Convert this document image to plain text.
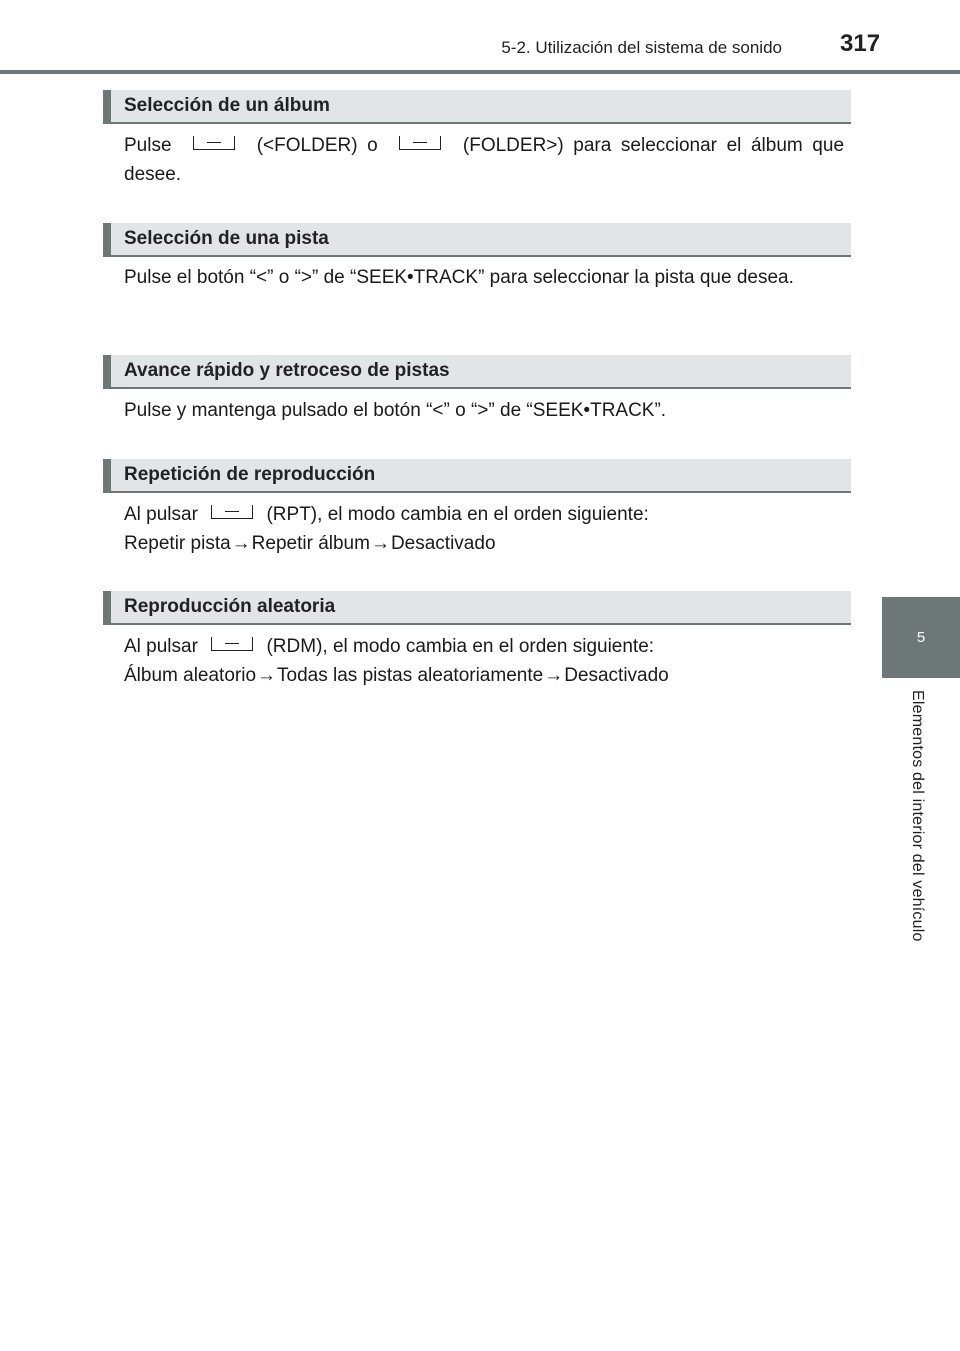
5-2. Utilización del sistema de sonido 317
5
Elementos del interior del vehículo
Selección de un álbum
Pulse	(<FOLDER) o	(FOLDER>) para seleccionar el álbum que desee.
Selección de una pista
Pulse el botón “<” o “>” de “SEEK•TRACK” para seleccionar la pista que desea.
Avance rápido y retroceso de pistas
Pulse y mantenga pulsado el botón “<” o “>” de “SEEK•TRACK”.
Repetición de reproducción
Al pulsar	(RPT), el modo cambia en el orden siguiente:
Repetir pista→Repetir álbum→Desactivado
Reproducción aleatoria
Al pulsar	(RDM), el modo cambia en el orden siguiente:
Álbum aleatorio→Todas las pistas aleatoriamente→Desactivado
